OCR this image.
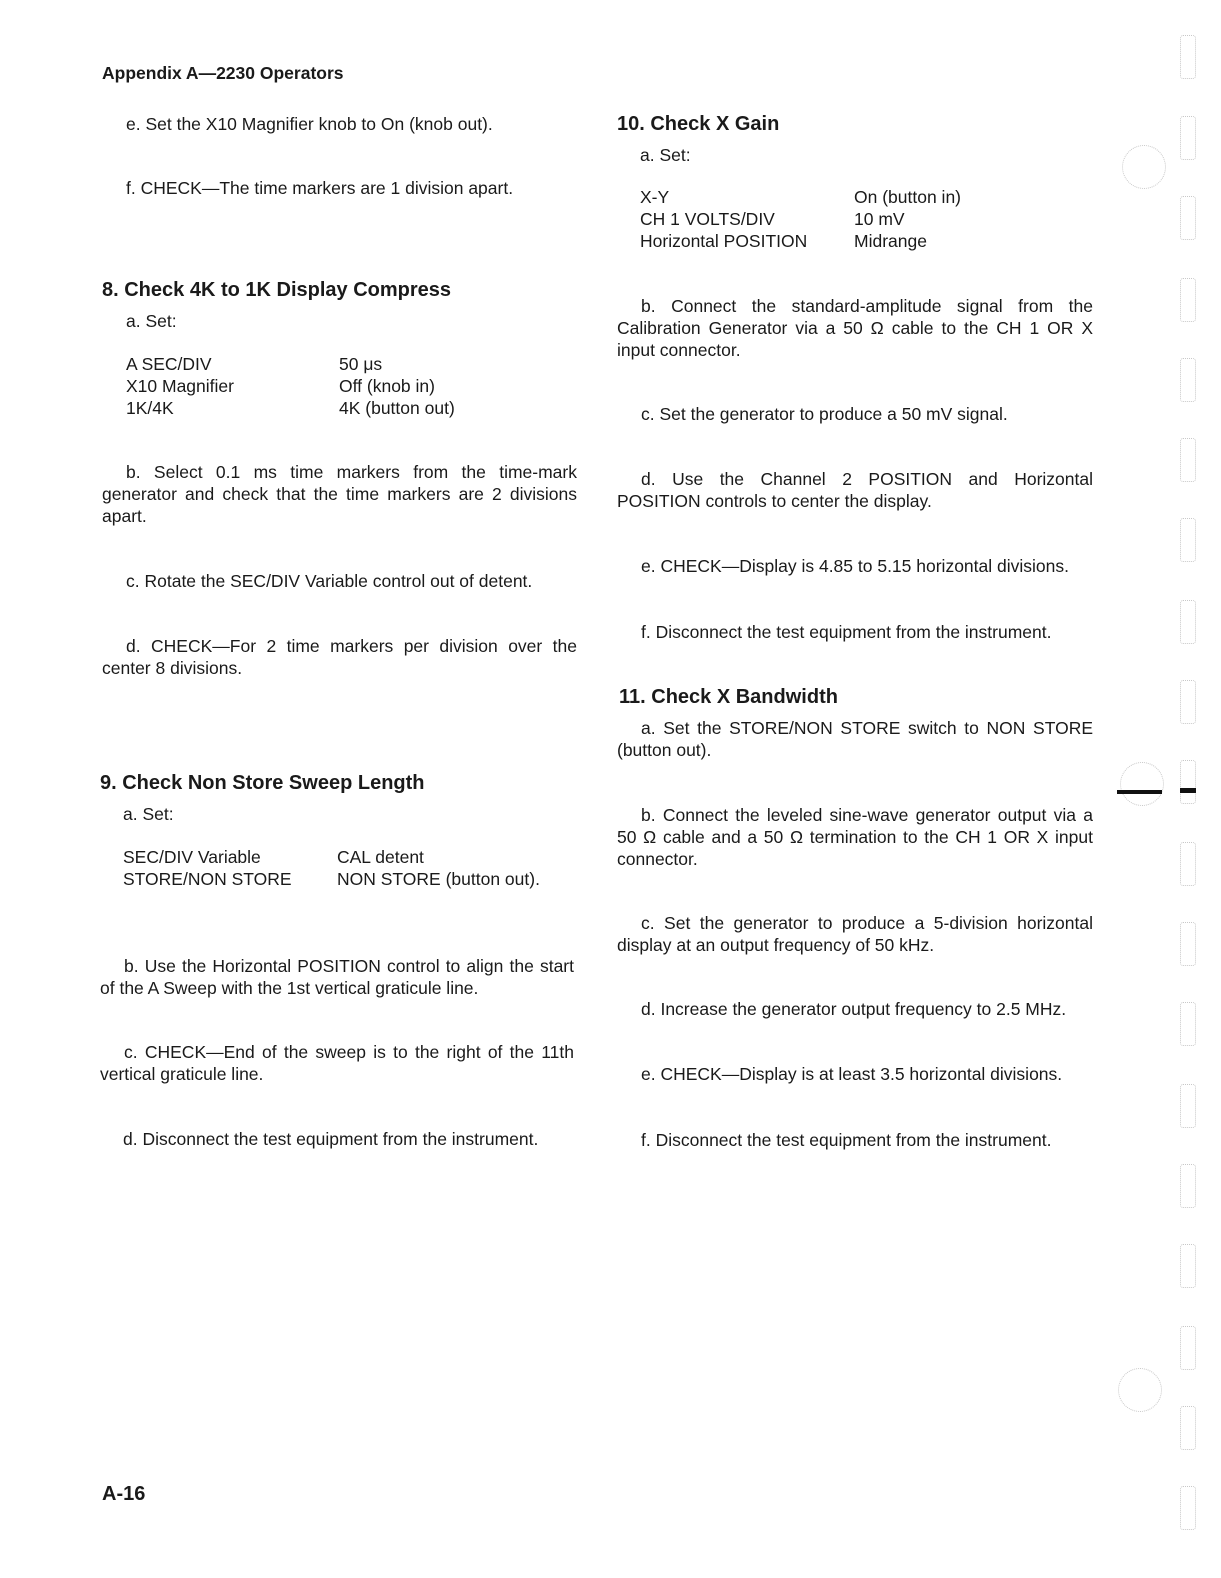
Appendix A—2230 Operators
e. Set the X10 Magnifier knob to On (knob out).
f. CHECK—The time markers are 1 division apart.
8. Check 4K to 1K Display Compress
a. Set:
A SEC/DIV	50 μs
X10 Magnifier	Off (knob in)
1K/4K	4K (button out)
b. Select 0.1 ms time markers from the time-mark generator and check that the time markers are 2 divisions apart.
c. Rotate the SEC/DIV Variable control out of detent.
d. CHECK—For 2 time markers per division over the center 8 divisions.
9. Check Non Store Sweep Length
a. Set:
SEC/DIV Variable	CAL detent
STORE/NON STORE	NON STORE (button out).
b. Use the Horizontal POSITION control to align the start of the A Sweep with the 1st vertical graticule line.
c. CHECK—End of the sweep is to the right of the 11th vertical graticule line.
d. Disconnect the test equipment from the instrument.
10. Check X Gain
a. Set:
X-Y	On (button in)
CH 1 VOLTS/DIV	10 mV
Horizontal POSITION	Midrange
b. Connect the standard-amplitude signal from the Calibration Generator via a 50 Ω cable to the CH 1 OR X input connector.
c. Set the generator to produce a 50 mV signal.
d. Use the Channel 2 POSITION and Horizontal POSITION controls to center the display.
e. CHECK—Display is 4.85 to 5.15 horizontal divisions.
f. Disconnect the test equipment from the instrument.
11. Check X Bandwidth
a. Set the STORE/NON STORE switch to NON STORE (button out).
b. Connect the leveled sine-wave generator output via a 50 Ω cable and a 50 Ω termination to the CH 1 OR X input connector.
c. Set the generator to produce a 5-division horizontal display at an output frequency of 50 kHz.
d. Increase the generator output frequency to 2.5 MHz.
e. CHECK—Display is at least 3.5 horizontal divisions.
f. Disconnect the test equipment from the instrument.
A-16
